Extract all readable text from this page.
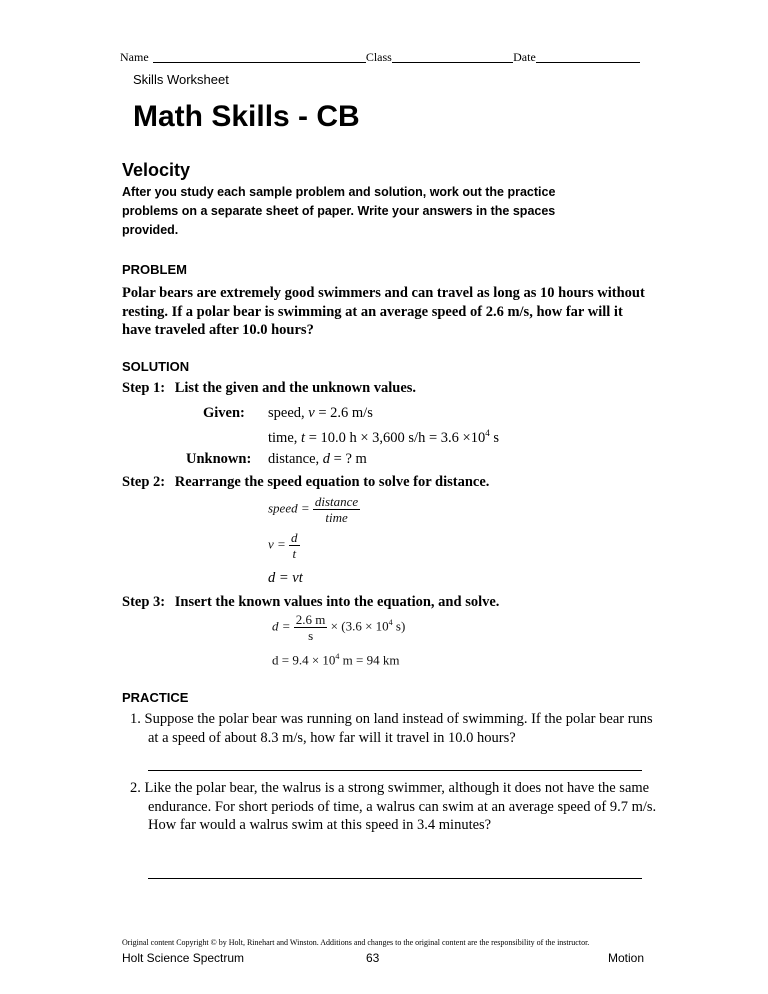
Name	Class	Date
Skills Worksheet
Math Skills - CB
Velocity
After you study each sample problem and solution, work out the practice problems on a separate sheet of paper. Write your answers in the spaces provided.
PROBLEM
Polar bears are extremely good swimmers and can travel as long as 10 hours without resting. If a polar bear is swimming at an average speed of 2.6 m/s, how far will it have traveled after 10.0 hours?
SOLUTION
Step 1: List the given and the unknown values.
Given: speed, v = 2.6 m/s
time, t = 10.0 h × 3,600 $s/h = 3.6 \times 10^4$ s
Unknown: distance, d = ? m
Step 2: Rearrange the speed equation to solve for distance.
speed = $\frac{\text{distance}}{\text{time}}$
$v = \frac{d}{t}$
d = vt
Step 3: Insert the known values into the equation, and solve.
$d = \frac{2.6 m}{s} \times (3.6 \times 10^4$ s)
$d = 9.4 \times 10^4$ m = 94 km
PRACTICE
1. Suppose the polar bear was running on land instead of swimming. If the polar bear runs at a speed of about 8.3 m/s, how far will it travel in 10.0 hours?
2. Like the polar bear, the walrus is a strong swimmer, although it does not have the same endurance. For short periods of time, a walrus can swim at an average speed of 9.7 m/s. How far would a walrus swim at this speed in 3.4 minutes?
Original content Copyright © by Holt, Rinehart and Winston. Additions and changes to the original content are the responsibility of the instructor.
Holt Science Spectrum	63	Motion
